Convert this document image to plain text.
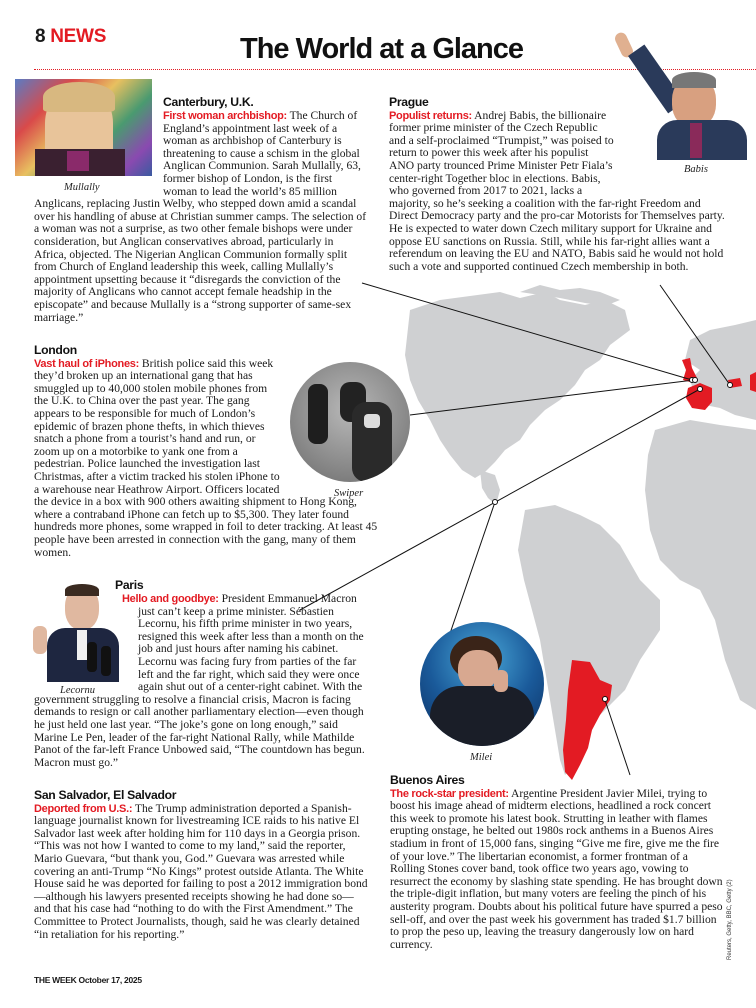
8 NEWS	The World at a Glance
Mullally
Canterbury, U.K.
First woman archbishop: The Church of England’s appointment last week of a woman as archbishop of Canterbury is threatening to cause a schism in the global Anglican Communion. Sarah Mullally, 63, former bishop of London, is the first woman to lead the world’s 85 million Anglicans, replacing Justin Welby, who stepped down amid a scandal over his handling of abuse at Christian summer camps. The selection of a woman was not a surprise, as two other female bishops were under consideration, but Anglican conservatives abroad, particularly in Africa, objected. The Nigerian Anglican Communion formally split from Church of England leadership this week, calling Mullally’s appointment upsetting because it “disregards the conviction of the majority of Anglicans who cannot accept female headship in the episcopate” and because Mullally is a “strong supporter of same-sex marriage.”
Prague
Populist returns: Andrej Babis, the billionaire former prime minister of the Czech Republic and a self-proclaimed “Trumpist,” was poised to return to power this week after his populist ANO party trounced Prime Minister Petr Fiala’s center-right Together bloc in elections. Babis, who governed from 2017 to 2021, lacks a majority, so he’s seeking a coalition with the far-right Freedom and Direct Democracy party and the pro-car Motorists for Themselves party. He is expected to water down Czech military support for Ukraine and oppose EU sanctions on Russia. Still, while his far-right allies want a referendum on leaving the EU and NATO, Babis said he would not hold such a vote and supported continued Czech membership in both.
Babis
London
Vast haul of iPhones: British police said this week they’d broken up an international gang that has smuggled up to 40,000 stolen mobile phones from the U.K. to China over the past year. The gang appears to be responsible for much of London’s epidemic of brazen phone thefts, in which thieves snatch a phone from a tourist’s hand and run, or zoom up on a motorbike to yank one from a pedestrian. Police launched the investigation last Christmas, after a victim tracked his stolen iPhone to a warehouse near Heathrow Airport. Officers located the device in a box with 900 others awaiting shipment to Hong Kong, where a contraband iPhone can fetch up to $5,300. They later found hundreds more phones, some wrapped in foil to deter tracking. At least 45 people have been arrested in connection with the gang, many of them women.
Swiper
Paris
Hello and goodbye: President Emmanuel Macron just can’t keep a prime minister. Sébastien Lecornu, his fifth prime minister in two years, resigned this week after less than a month on the job and just hours after naming his cabinet. Lecornu was facing fury from parties of the far left and the far right, which said they were once again shut out of a center-right cabinet. With the government struggling to resolve a financial crisis, Macron is facing demands to resign or call another parliamentary election—even though he just held one last year. “The joke’s gone on long enough,” said Marine Le Pen, leader of the far-right National Rally, while Mathilde Panot of the far-left France Unbowed said, “The countdown has begun. Macron must go.”
Lecornu
San Salvador, El Salvador
Deported from U.S.: The Trump administration deported a Spanish-language journalist known for livestreaming ICE raids to his native El Salvador last week after holding him for 110 days in a Georgia prison. “This was not how I wanted to come to my land,” said the reporter, Mario Guevara, “but thank you, God.” Guevara was arrested while covering an anti-Trump “No Kings” protest outside Atlanta. The White House said he was deported for failing to post a 2012 immigration bond—although his lawyers presented receipts showing he had done so—and that his case had “nothing to do with the First Amendment.” The Committee to Protect Journalists, though, said he was clearly detained “in retaliation for his reporting.”
Milei
Buenos Aires
The rock-star president: Argentine President Javier Milei, trying to boost his image ahead of midterm elections, headlined a rock concert this week to promote his latest book. Strutting in leather with flames erupting onstage, he belted out 1980s rock anthems in a Buenos Aires stadium in front of 15,000 fans, singing “Give me fire, give me the fire of your love.” The libertarian economist, a former frontman of a Rolling Stones cover band, took office two years ago, vowing to resurrect the economy by slashing state spending. He has brought down the triple-digit inflation, but many voters are feeling the pinch of his austerity program. Doubts about his political future have spurred a peso sell-off, and over the past week his government has traded $1.7 billion to prop the peso up, leaving the treasury dangerously low on hard currency.
THE WEEK October 17, 2025
Reuters, Getty, BBC, Getty (2)
